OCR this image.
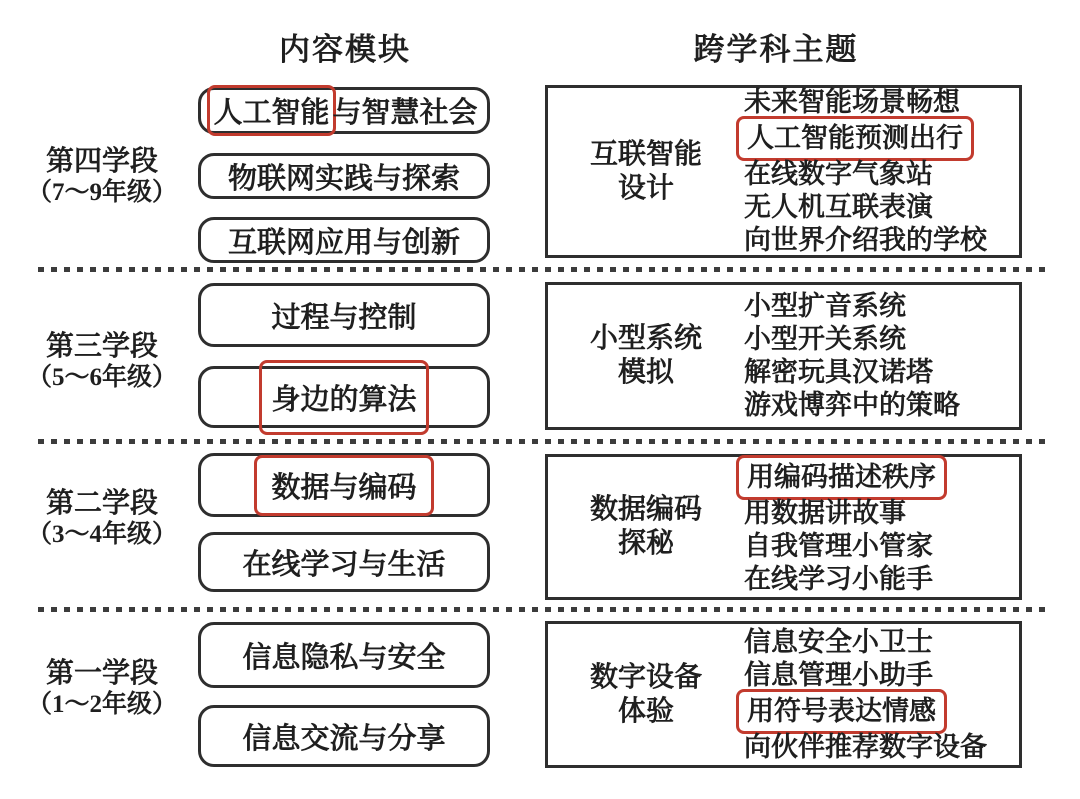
内容模块	跨学科主题
第四学段
（7～9年级）
人工智能 与智慧社会
物联网实践与探索
互联网应用与创新
互联智能
设计
未来智能场景畅想
人工智能预测出行
在线数字气象站
无人机互联表演
向世界介绍我的学校
第三学段
（5～6年级）
过程与控制
身边的算法
小型系统
模拟
小型扩音系统
小型开关系统
解密玩具汉诺塔
游戏博弈中的策略
第二学段
（3～4年级）
数据与编码
在线学习与生活
数据编码
探秘
用编码描述秩序
用数据讲故事
自我管理小管家
在线学习小能手
第一学段
（1～2年级）
信息隐私与安全
信息交流与分享
数字设备
体验
信息安全小卫士
信息管理小助手
用符号表达情感
向伙伴推荐数字设备
